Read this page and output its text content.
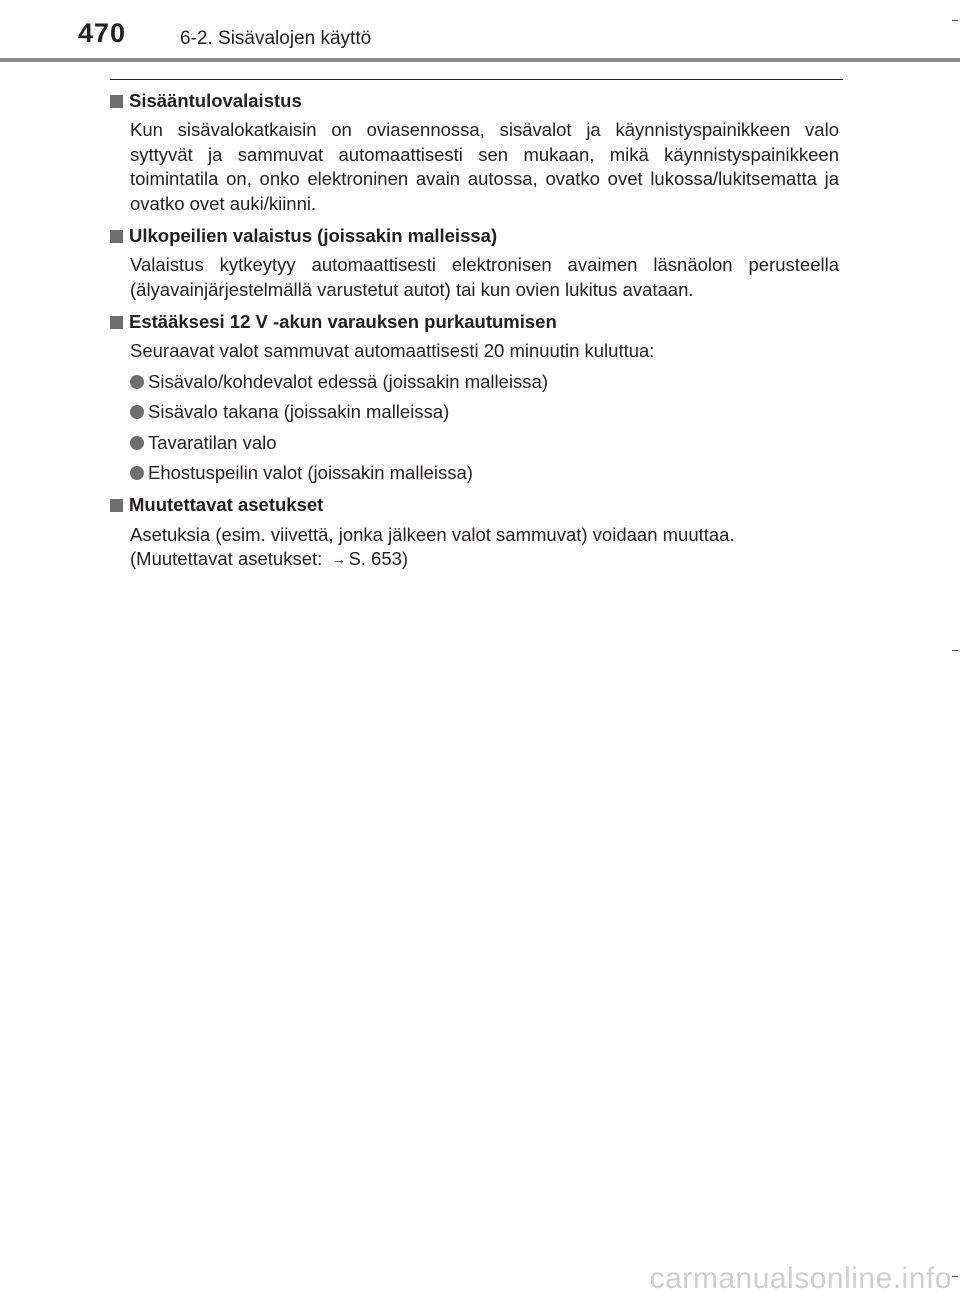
470	6-2. Sisävalojen käyttö
Sisääntulovalaistus
Kun sisävalokatkaisin on oviasennossa, sisävalot ja käynnistyspainikkeen valo syttyvät ja sammuvat automaattisesti sen mukaan, mikä käynnistyspainikkeen toimintatila on, onko elektroninen avain autossa, ovatko ovet lukossa/lukitsematta ja ovatko ovet auki/kiinni.
Ulkopeilien valaistus (joissakin malleissa)
Valaistus kytkeytyy automaattisesti elektronisen avaimen läsnäolon perusteella (älyavainjärjestelmällä varustetut autot) tai kun ovien lukitus avataan.
Estääksesi 12 V -akun varauksen purkautumisen
Seuraavat valot sammuvat automaattisesti 20 minuutin kuluttua:
Sisävalo/kohdevalot edessä (joissakin malleissa)
Sisävalo takana (joissakin malleissa)
Tavaratilan valo
Ehostuspeilin valot (joissakin malleissa)
Muutettavat asetukset
Asetuksia (esim. viivettä, jonka jälkeen valot sammuvat) voidaan muuttaa.
(Muutettavat asetukset: → S. 653)
carmanualsonline.info
